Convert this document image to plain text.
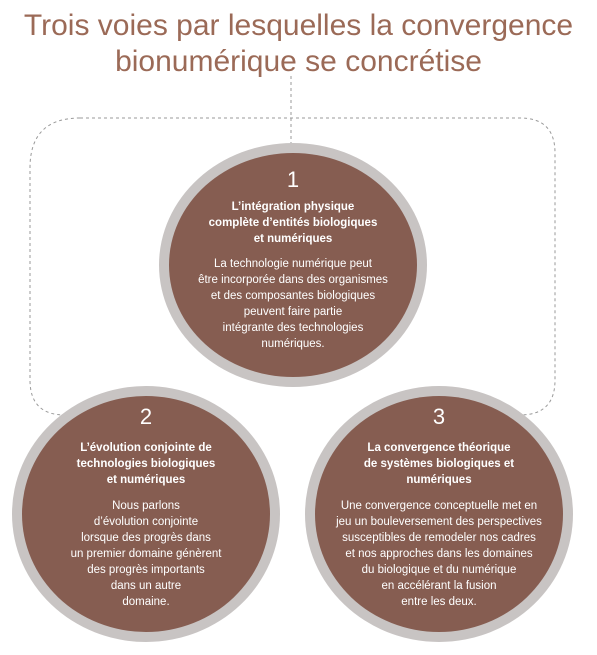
Trois voies par lesquelles la convergence
bionumérique se concrétise
1
L’intégration physique
complète d’entités biologiques
et numériques
La technologie numérique peut
être incorporée dans des organismes
et des composantes biologiques
peuvent faire partie
intégrante des technologies
numériques.
2
L’évolution conjointe de
technologies biologiques
et numériques
Nous parlons
d’évolution conjointe
lorsque des progrès dans
un premier domaine génèrent
des progrès importants
dans un autre
domaine.
3
La convergence théorique
de systèmes biologiques et
numériques
Une convergence conceptuelle met en
jeu un bouleversement des perspectives
susceptibles de remodeler nos cadres
et nos approches dans les domaines
du biologique et du numérique
en accélérant la fusion
entre les deux.
